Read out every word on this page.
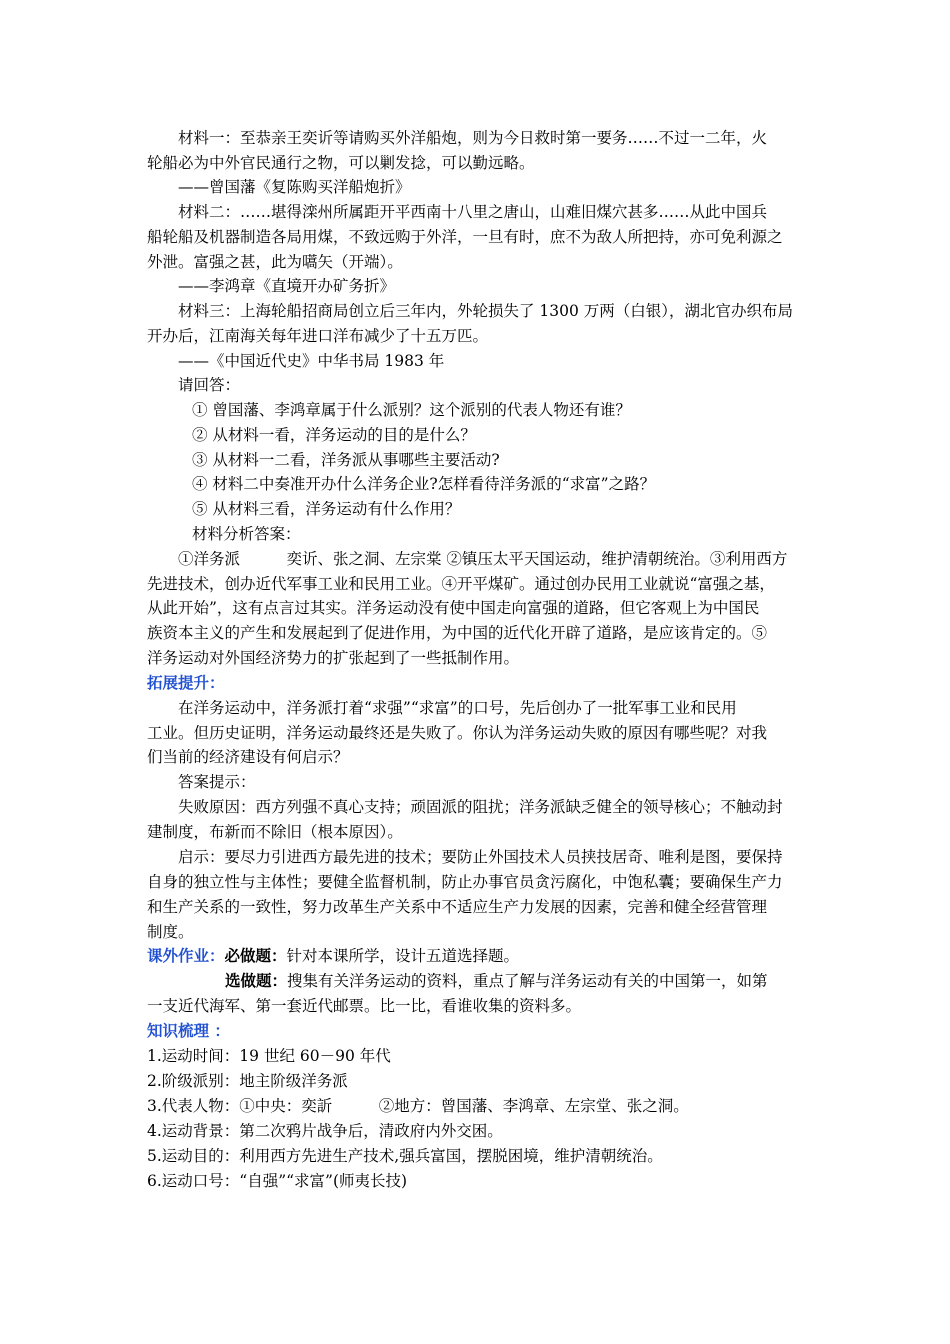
材料一：至恭亲王奕䜣等请购买外洋船炮，则为今日救时第一要务……不过一二年，火
轮船必为中外官民通行之物，可以剿发捻，可以勤远略。
——曾国藩《复陈购买洋船炮折》
材料二：……堪得滦州所属距开平西南十八里之唐山，山难旧煤穴甚多……从此中国兵
船轮船及机器制造各局用煤，不致远购于外洋，一旦有时，庶不为敌人所把持，亦可免利源之
外泄。富强之甚，此为嚆矢（开端）。
——李鸿章《直境开办矿务折》
材料三：上海轮船招商局创立后三年内，外轮损失了 1300 万两（白银），湖北官办织布局
开办后，江南海关每年进口洋布减少了十五万匹。
——《中国近代史》中华书局 1983 年
请回答：
① 曾国藩、李鸿章属于什么派别？这个派别的代表人物还有谁？
② 从材料一看，洋务运动的目的是什么？
③ 从材料一二看，洋务派从事哪些主要活动?
④ 材料二中奏准开办什么洋务企业?怎样看待洋务派的“求富”之路？
⑤ 从材料三看，洋务运动有什么作用？
材料分析答案：
①洋务派　　　奕䜣、张之洞、左宗棠 ②镇压太平天国运动，维护清朝统治。③利用西方
先进技术，创办近代军事工业和民用工业。④开平煤矿。通过创办民用工业就说“富强之基，
从此开始”，这有点言过其实。洋务运动没有使中国走向富强的道路，但它客观上为中国民
族资本主义的产生和发展起到了促进作用，为中国的近代化开辟了道路，是应该肯定的。⑤
洋务运动对外国经济势力的扩张起到了一些抵制作用。
拓展提升：
在洋务运动中，洋务派打着“求强”“求富”的口号，先后创办了一批军事工业和民用
工业。但历史证明，洋务运动最终还是失败了。你认为洋务运动失败的原因有哪些呢？对我
们当前的经济建设有何启示？
答案提示：
失败原因：西方列强不真心支持；顽固派的阻扰；洋务派缺乏健全的领导核心；不触动封
建制度，布新而不除旧（根本原因）。
启示：要尽力引进西方最先进的技术；要防止外国技术人员挟技居奇、唯利是图，要保持
自身的独立性与主体性；要健全监督机制，防止办事官员贪污腐化，中饱私囊；要确保生产力
和生产关系的一致性，努力改革生产关系中不适应生产力发展的因素，完善和健全经营管理
制度。
课外作业：必做题：针对本课所学，设计五道选择题。
选做题：搜集有关洋务运动的资料，重点了解与洋务运动有关的中国第一，如第
一支近代海军、第一套近代邮票。比一比，看谁收集的资料多。
知识梳理 ：
1.运动时间：19 世纪 60－90 年代
2.阶级派别：地主阶级洋务派
3.代表人物：①中央：奕訢　　　②地方：曾国藩、李鸿章、左宗堂、张之洞。
4.运动背景：第二次鸦片战争后，清政府内外交困。
5.运动目的：利用西方先进生产技术,强兵富国，摆脱困境，维护清朝统治。
6.运动口号：“自强”“求富”(师夷长技)
